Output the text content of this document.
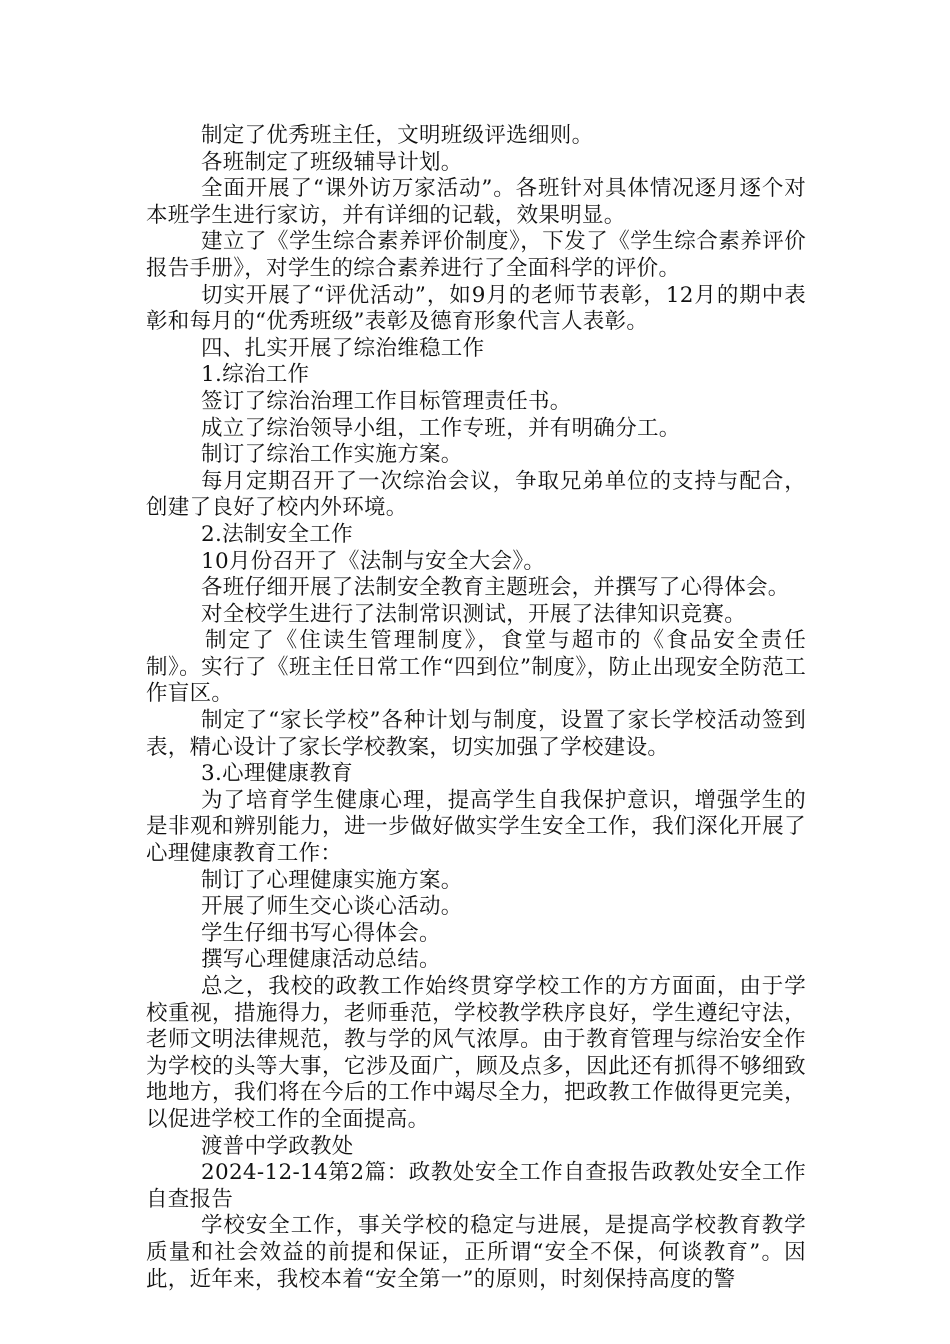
制定了优秀班主任，文明班级评选细则。

各班制定了班级辅导计划。

全面开展了“课外访万家活动”。各班针对具体情况逐月逐个对本班学生进行家访，并有详细的记载，效果明显。

建立了《学生综合素养评价制度》，下发了《学生综合素养评价报告手册》，对学生的综合素养进行了全面科学的评价。

切实开展了“评优活动”，如9月的老师节表彰，12月的期中表彰和每月的“优秀班级”表彰及德育形象代言人表彰。

四、扎实开展了综治维稳工作

1.综治工作

签订了综治治理工作目标管理责任书。

成立了综治领导小组，工作专班，并有明确分工。

制订了综治工作实施方案。

每月定期召开了一次综治会议，争取兄弟单位的支持与配合，创建了良好了校内外环境。

2.法制安全工作

10月份召开了《法制与安全大会》。

各班仔细开展了法制安全教育主题班会，并撰写了心得体会。

对全校学生进行了法制常识测试，开展了法律知识竞赛。

制定了《住读生管理制度》，食堂与超市的《食品安全责任制》。实行了《班主任日常工作“四到位”制度》，防止出现安全防范工作盲区。

制定了“家长学校”各种计划与制度，设置了家长学校活动签到表，精心设计了家长学校教案，切实加强了学校建设。

3.心理健康教育

为了培育学生健康心理，提高学生自我保护意识，增强学生的是非观和辨别能力，进一步做好做实学生安全工作，我们深化开展了心理健康教育工作：

制订了心理健康实施方案。

开展了师生交心谈心活动。

学生仔细书写心得体会。

撰写心理健康活动总结。

总之，我校的政教工作始终贯穿学校工作的方方面面，由于学校重视，措施得力，老师垂范，学校教学秩序良好，学生遵纪守法，老师文明法律规范，教与学的风气浓厚。由于教育管理与综治安全作为学校的头等大事，它涉及面广，顾及点多，因此还有抓得不够细致地地方，我们将在今后的工作中竭尽全力，把政教工作做得更完美，以促进学校工作的全面提高。

渡普中学政教处

2024-12-14第2篇：政教处安全工作自查报告政教处安全工作自查报告

学校安全工作，事关学校的稳定与进展，是提高学校教育教学质量和社会效益的前提和保证，正所谓“安全不保，何谈教育”。因此，近年来，我校本着“安全第一”的原则，时刻保持高度的警
